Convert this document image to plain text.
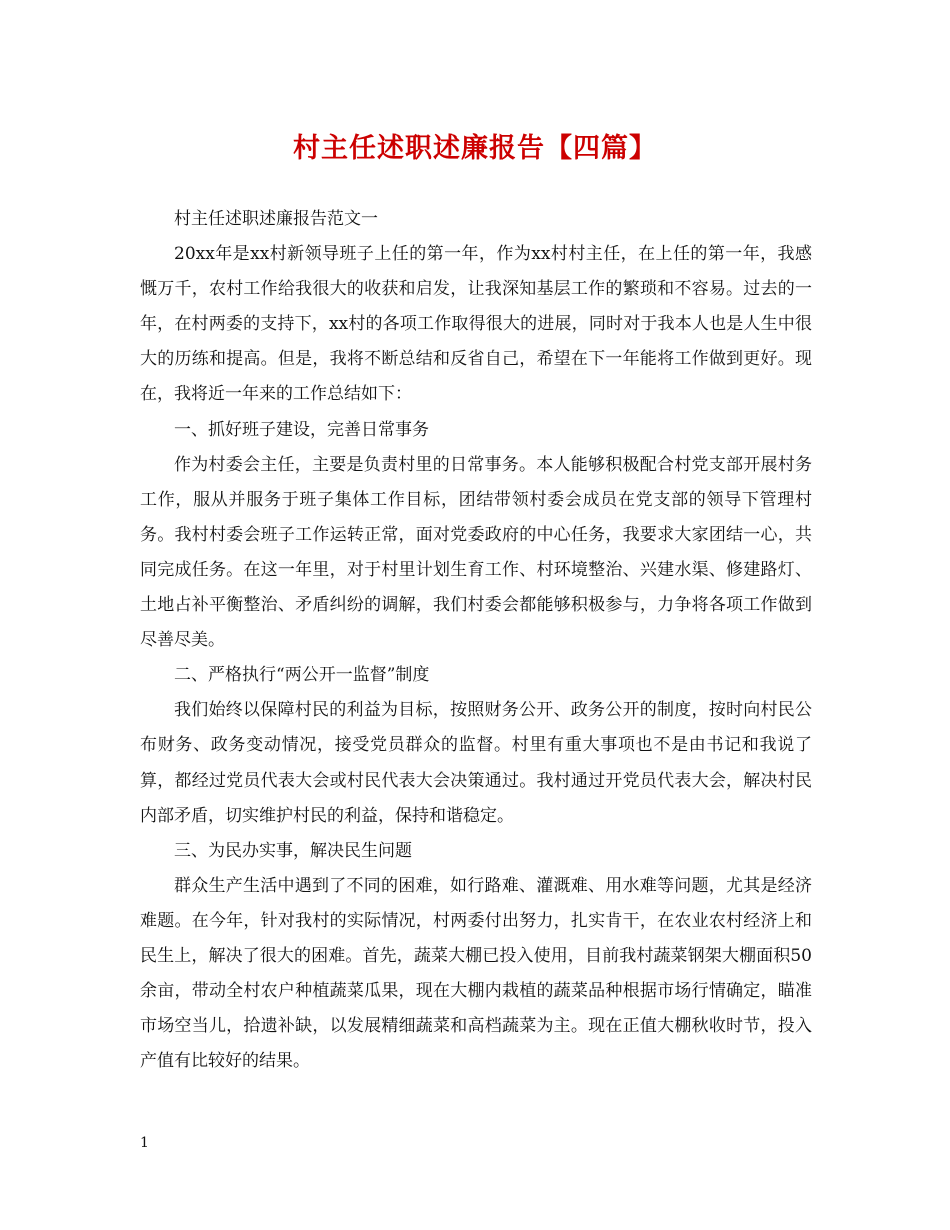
村主任述职述廉报告【四篇】

村主任述职述廉报告范文一

20xx年是xx村新领导班子上任的第一年，作为xx村村主任，在上任的第一年，我感慨万千，农村工作给我很大的收获和启发，让我深知基层工作的繁琐和不容易。过去的一年，在村两委的支持下，xx村的各项工作取得很大的进展，同时对于我本人也是人生中很大的历练和提高。但是，我将不断总结和反省自己，希望在下一年能将工作做到更好。现在，我将近一年来的工作总结如下：

一、抓好班子建设，完善日常事务

作为村委会主任，主要是负责村里的日常事务。本人能够积极配合村党支部开展村务工作，服从并服务于班子集体工作目标，团结带领村委会成员在党支部的领导下管理村务。我村村委会班子工作运转正常，面对党委政府的中心任务，我要求大家团结一心，共同完成任务。在这一年里，对于村里计划生育工作、村环境整治、兴建水渠、修建路灯、土地占补平衡整治、矛盾纠纷的调解，我们村委会都能够积极参与，力争将各项工作做到尽善尽美。

二、严格执行“两公开一监督”制度

我们始终以保障村民的利益为目标，按照财务公开、政务公开的制度，按时向村民公布财务、政务变动情况，接受党员群众的监督。村里有重大事项也不是由书记和我说了算，都经过党员代表大会或村民代表大会决策通过。我村通过开党员代表大会，解决村民内部矛盾，切实维护村民的利益，保持和谐稳定。

三、为民办实事，解决民生问题

群众生产生活中遇到了不同的困难，如行路难、灌溉难、用水难等问题，尤其是经济难题。在今年，针对我村的实际情况，村两委付出努力，扎实肯干，在农业农村经济上和民生上，解决了很大的困难。首先，蔬菜大棚已投入使用，目前我村蔬菜钢架大棚面积50余亩，带动全村农户种植蔬菜瓜果，现在大棚内栽植的蔬菜品种根据市场行情确定，瞄准市场空当儿，拾遗补缺，以发展精细蔬菜和高档蔬菜为主。现在正值大棚秋收时节，投入产值有比较好的结果。

1
